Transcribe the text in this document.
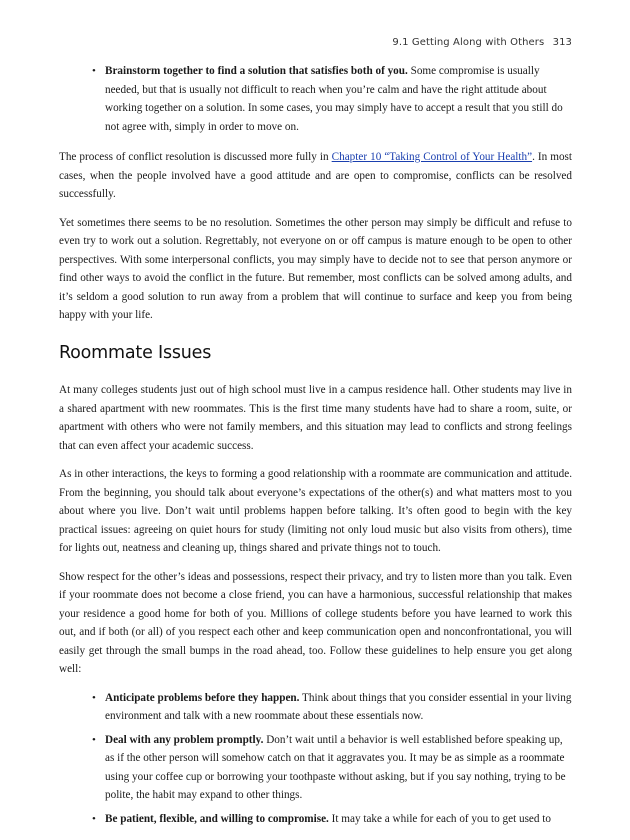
9.1 Getting Along with Others 313
• Brainstorm together to find a solution that satisfies both of you. Some compromise is usually needed, but that is usually not difficult to reach when you’re calm and have the right attitude about working together on a solution. In some cases, you may simply have to accept a result that you still do not agree with, simply in order to move on.

The process of conflict resolution is discussed more fully in Chapter 10 “Taking Control of Your Health”. In most cases, when the people involved have a good attitude and are open to compromise, conflicts can be resolved successfully.

Yet sometimes there seems to be no resolution. Sometimes the other person may simply be difficult and refuse to even try to work out a solution. Regrettably, not everyone on or off campus is mature enough to be open to other perspectives. With some interpersonal conflicts, you may simply have to decide not to see that person anymore or find other ways to avoid the conflict in the future. But remember, most conflicts can be solved among adults, and it’s seldom a good solution to run away from a problem that will continue to surface and keep you from being happy with your life.

Roommate Issues

At many colleges students just out of high school must live in a campus residence hall. Other students may live in a shared apartment with new roommates. This is the first time many students have had to share a room, suite, or apartment with others who were not family members, and this situation may lead to conflicts and strong feelings that can even affect your academic success.

As in other interactions, the keys to forming a good relationship with a roommate are communication and attitude. From the beginning, you should talk about everyone’s expectations of the other(s) and what matters most to you about where you live. Don’t wait until problems happen before talking. It’s often good to begin with the key practical issues: agreeing on quiet hours for study (limiting not only loud music but also visits from others), time for lights out, neatness and cleaning up, things shared and private things not to touch.

Show respect for the other’s ideas and possessions, respect their privacy, and try to listen more than you talk. Even if your roommate does not become a close friend, you can have a harmonious, successful relationship that makes your residence a good home for both of you. Millions of college students before you have learned to work this out, and if both (or all) of you respect each other and keep communication open and nonconfrontational, you will easily get through the small bumps in the road ahead, too. Follow these guidelines to help ensure you get along well:

• Anticipate problems before they happen. Think about things that you consider essential in your living environment and talk with a new roommate about these essentials now.
• Deal with any problem promptly. Don’t wait until a behavior is well established before speaking up, as if the other person will somehow catch on that it aggravates you. It may be as simple as a roommate using your coffee cup or borrowing your toothpaste without asking, but if you say nothing, trying to be polite, the habit may expand to other things.
• Be patient, flexible, and willing to compromise. It may take a while for each of you to get used to
